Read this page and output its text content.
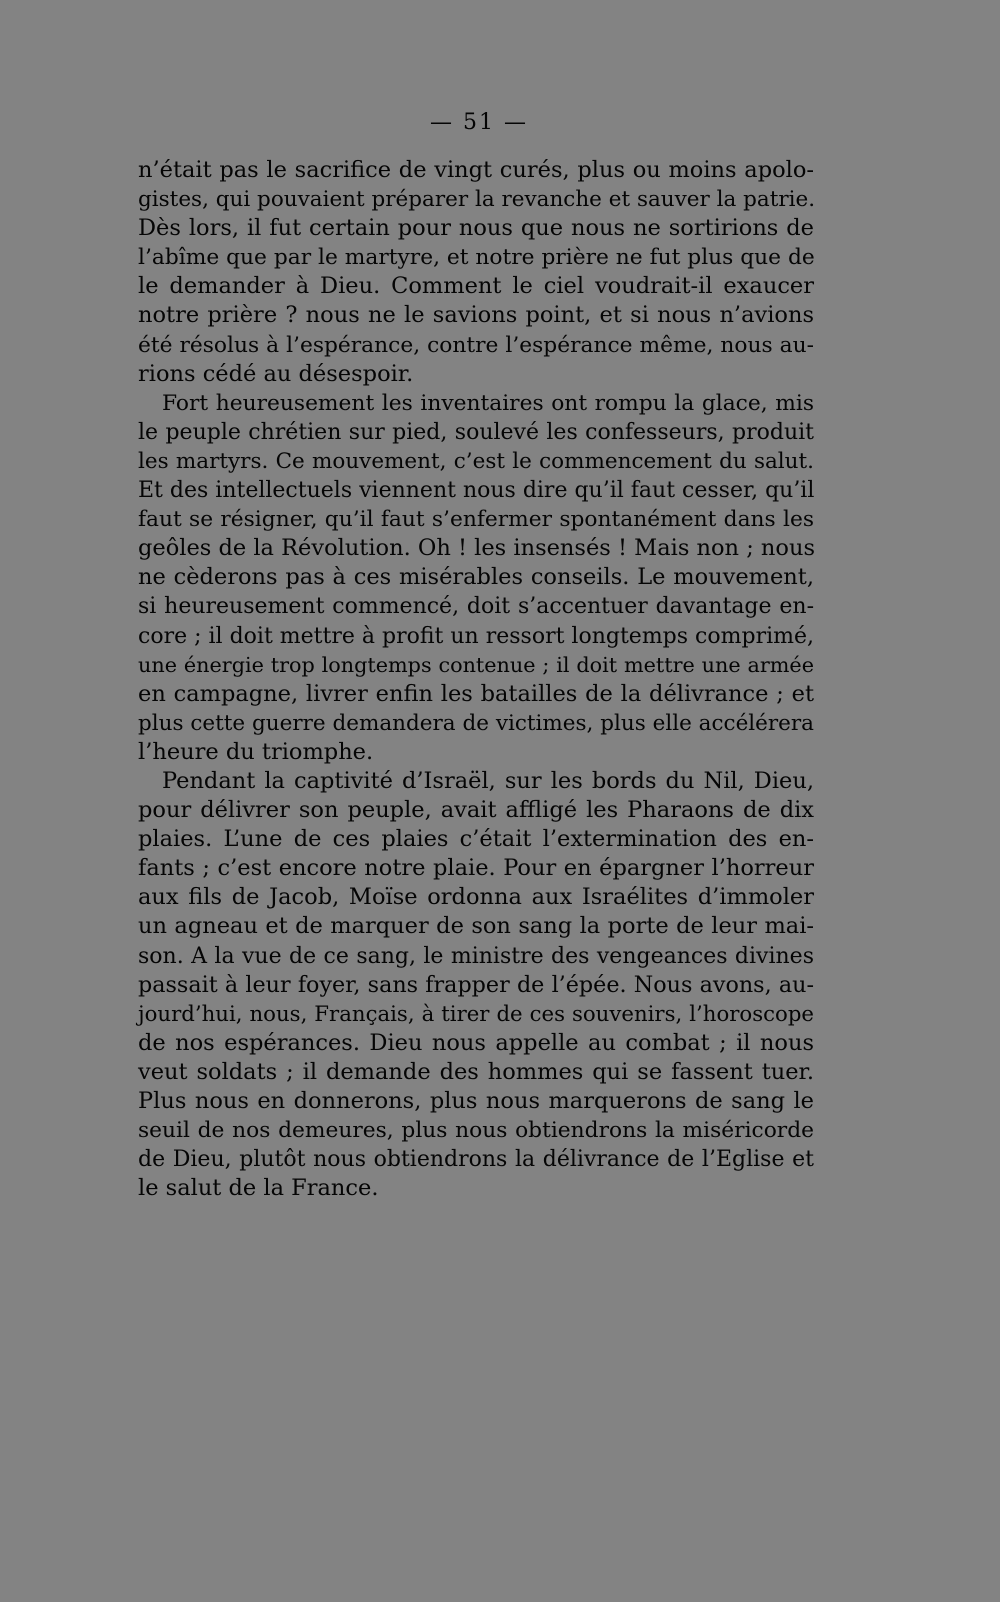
— 51 —
n’était pas le sacrifice de vingt curés, plus ou moins apolo-
gistes, qui pouvaient préparer la revanche et sauver la patrie.
Dès lors, il fut certain pour nous que nous ne sortirions de
l’abîme que par le martyre, et notre prière ne fut plus que de
le demander à Dieu. Comment le ciel voudrait-il exaucer
notre prière ? nous ne le savions point, et si nous n’avions
été résolus à l’espérance, contre l’espérance même, nous au-
rions cédé au désespoir.
Fort heureusement les inventaires ont rompu la glace, mis
le peuple chrétien sur pied, soulevé les confesseurs, produit
les martyrs. Ce mouvement, c’est le commencement du salut.
Et des intellectuels viennent nous dire qu’il faut cesser, qu’il
faut se résigner, qu’il faut s’enfermer spontanément dans les
geôles de la Révolution. Oh ! les insensés ! Mais non ; nous
ne cèderons pas à ces misérables conseils. Le mouvement,
si heureusement commencé, doit s’accentuer davantage en-
core ; il doit mettre à profit un ressort longtemps comprimé,
une énergie trop longtemps contenue ; il doit mettre une armée
en campagne, livrer enfin les batailles de la délivrance ; et
plus cette guerre demandera de victimes, plus elle accélérera
l’heure du triomphe.
Pendant la captivité d’Israël, sur les bords du Nil, Dieu,
pour délivrer son peuple, avait affligé les Pharaons de dix
plaies. L’une de ces plaies c’était l’extermination des en-
fants ; c’est encore notre plaie. Pour en épargner l’horreur
aux fils de Jacob, Moïse ordonna aux Israélites d’immoler
un agneau et de marquer de son sang la porte de leur mai-
son. A la vue de ce sang, le ministre des vengeances divines
passait à leur foyer, sans frapper de l’épée. Nous avons, au-
jourd’hui, nous, Français, à tirer de ces souvenirs, l’horoscope
de nos espérances. Dieu nous appelle au combat ; il nous
veut soldats ; il demande des hommes qui se fassent tuer.
Plus nous en donnerons, plus nous marquerons de sang le
seuil de nos demeures, plus nous obtiendrons la miséricorde
de Dieu, plutôt nous obtiendrons la délivrance de l’Eglise et
le salut de la France.
